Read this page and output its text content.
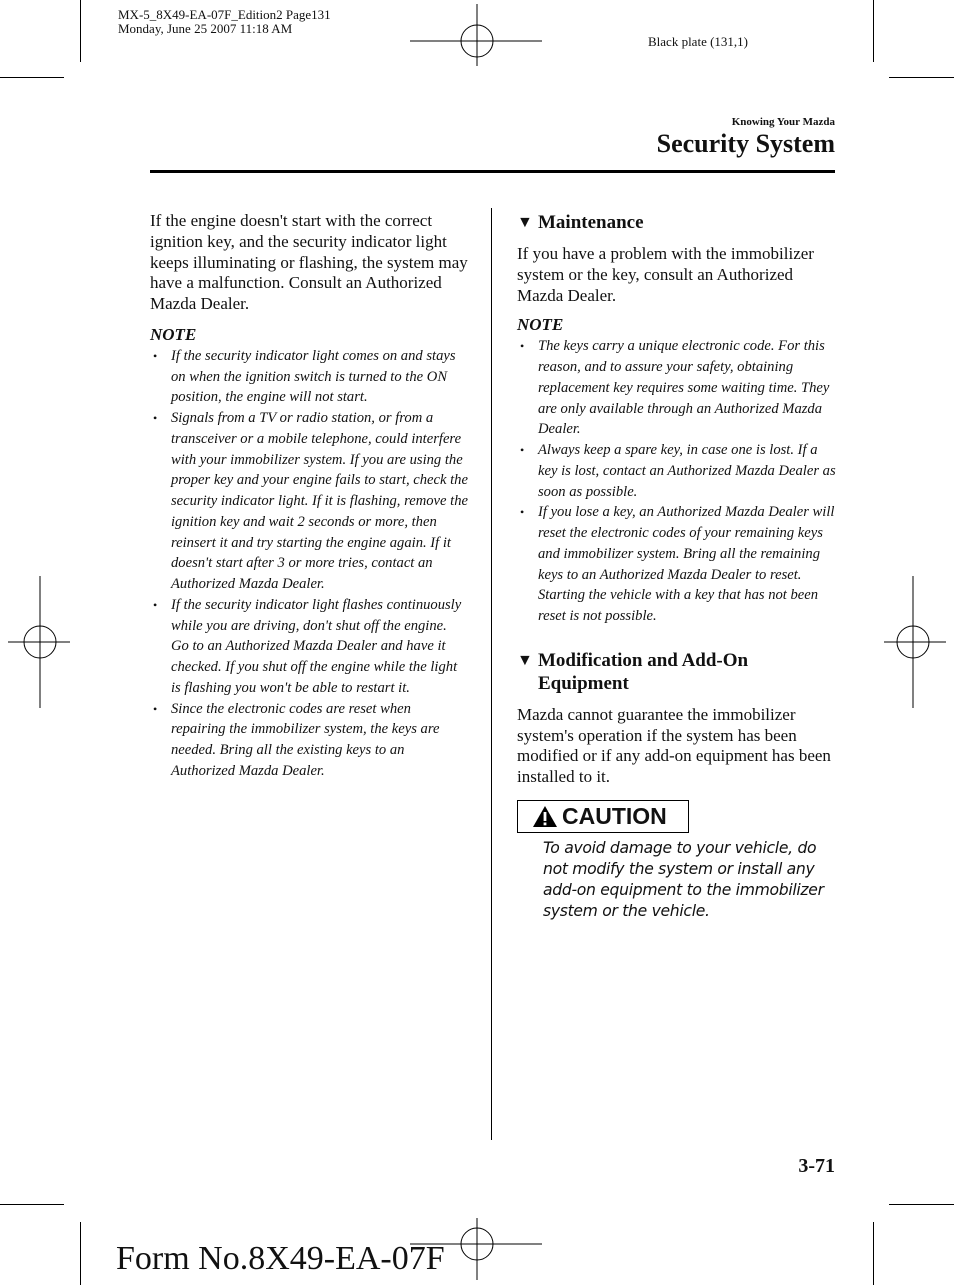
MX-5_8X49-EA-07F_Edition2 Page131
Monday, June 25 2007 11:18 AM
Black plate (131,1)
Knowing Your Mazda
Security System
If the engine doesn't start with the correct ignition key, and the security indicator light keeps illuminating or flashing, the system may have a malfunction. Consult an Authorized Mazda Dealer.
NOTE
• If the security indicator light comes on and stays on when the ignition switch is turned to the ON position, the engine will not start.
• Signals from a TV or radio station, or from a transceiver or a mobile telephone, could interfere with your immobilizer system. If you are using the proper key and your engine fails to start, check the security indicator light. If it is flashing, remove the ignition key and wait 2 seconds or more, then reinsert it and try starting the engine again. If it doesn't start after 3 or more tries, contact an Authorized Mazda Dealer.
• If the security indicator light flashes continuously while you are driving, don't shut off the engine. Go to an Authorized Mazda Dealer and have it checked. If you shut off the engine while the light is flashing you won't be able to restart it.
• Since the electronic codes are reset when repairing the immobilizer system, the keys are needed. Bring all the existing keys to an Authorized Mazda Dealer.
▼ Maintenance
If you have a problem with the immobilizer system or the key, consult an Authorized Mazda Dealer.
NOTE
• The keys carry a unique electronic code. For this reason, and to assure your safety, obtaining replacement key requires some waiting time. They are only available through an Authorized Mazda Dealer.
• Always keep a spare key, in case one is lost. If a key is lost, contact an Authorized Mazda Dealer as soon as possible.
• If you lose a key, an Authorized Mazda Dealer will reset the electronic codes of your remaining keys and immobilizer system. Bring all the remaining keys to an Authorized Mazda Dealer to reset. Starting the vehicle with a key that has not been reset is not possible.
▼ Modification and Add-On Equipment
Mazda cannot guarantee the immobilizer system's operation if the system has been modified or if any add-on equipment has been installed to it.
CAUTION
To avoid damage to your vehicle, do not modify the system or install any add-on equipment to the immobilizer system or the vehicle.
3-71
Form No.8X49-EA-07F
